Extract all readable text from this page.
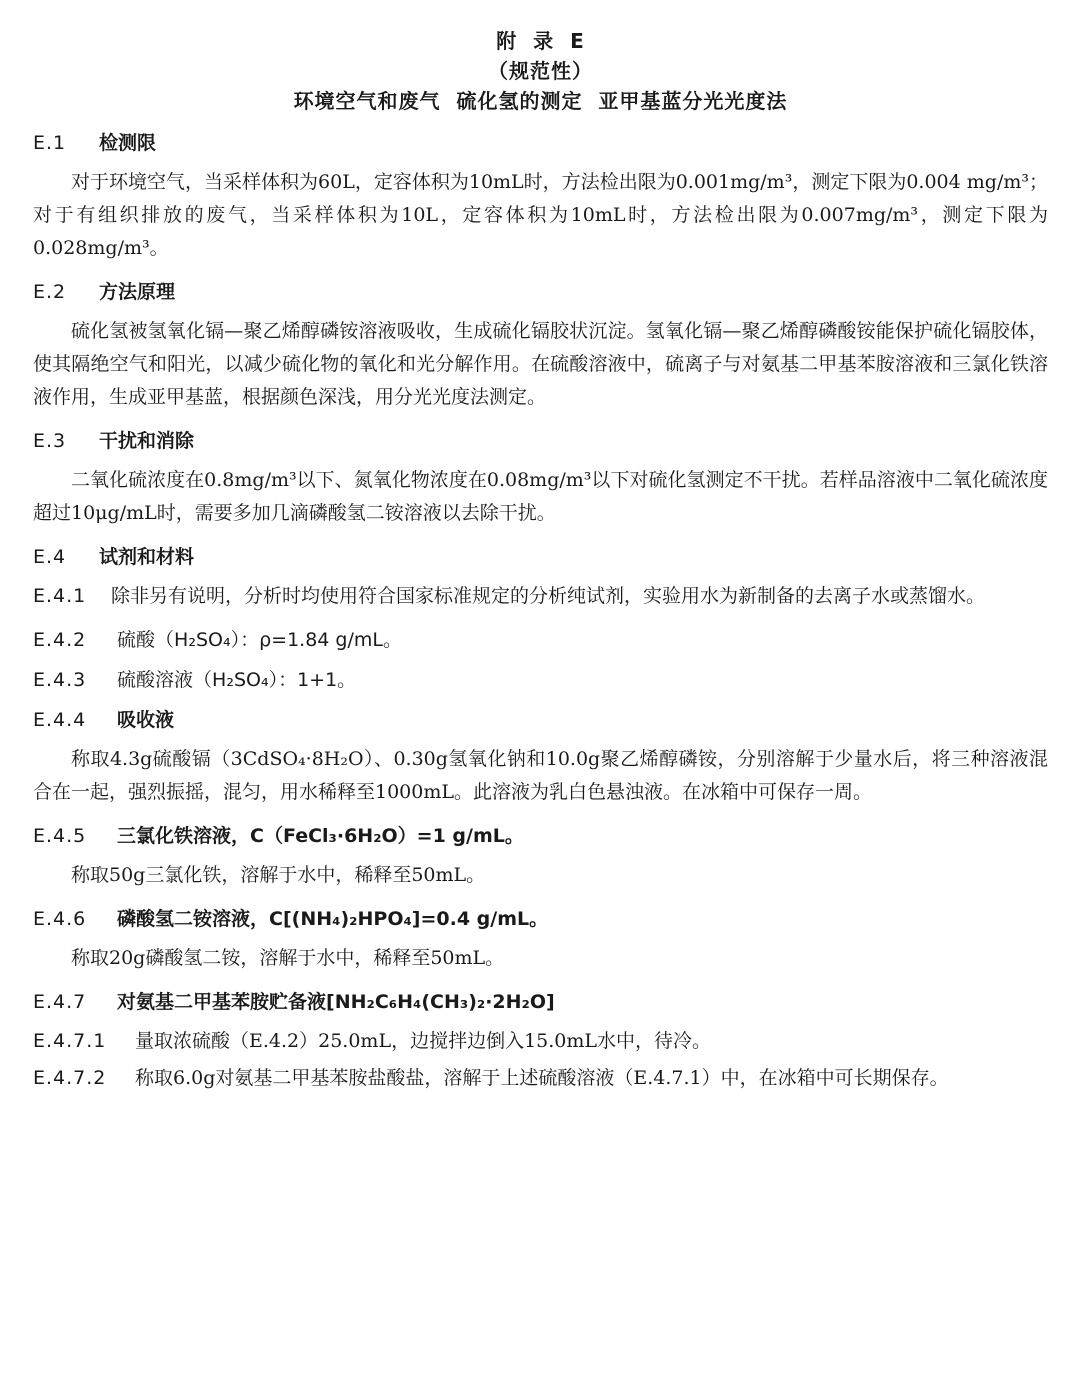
附  录  E
（规范性）
环境空气和废气  硫化氢的测定  亚甲基蓝分光光度法
E.1 检测限
对于环境空气，当采样体积为60L，定容体积为10mL时，方法检出限为0.001mg/m³，测定下限为0.004 mg/m³；对于有组织排放的废气，当采样体积为10L，定容体积为10mL时，方法检出限为0.007mg/m³，测定下限为0.028mg/m³。
E.2 方法原理
硫化氢被氢氧化镉—聚乙烯醇磷铵溶液吸收，生成硫化镉胶状沉淀。氢氧化镉—聚乙烯醇磷酸铵能保护硫化镉胶体，使其隔绝空气和阳光，以减少硫化物的氧化和光分解作用。在硫酸溶液中，硫离子与对氨基二甲基苯胺溶液和三氯化铁溶液作用，生成亚甲基蓝，根据颜色深浅，用分光光度法测定。
E.3 干扰和消除
二氧化硫浓度在0.8mg/m³以下、氮氧化物浓度在0.08mg/m³以下对硫化氢测定不干扰。若样品溶液中二氧化硫浓度超过10μg/mL时，需要多加几滴磷酸氢二铵溶液以去除干扰。
E.4 试剂和材料
E.4.1 除非另有说明，分析时均使用符合国家标准规定的分析纯试剂，实验用水为新制备的去离子水或蒸馏水。
E.4.2 硫酸（H₂SO₄）：ρ=1.84 g/mL。
E.4.3 硫酸溶液（H₂SO₄）：1+1。
E.4.4 吸收液
称取4.3g硫酸镉（3CdSO₄·8H₂O）、0.30g氢氧化钠和10.0g聚乙烯醇磷铵，分别溶解于少量水后，将三种溶液混合在一起，强烈振摇，混匀，用水稀释至1000mL。此溶液为乳白色悬浊液。在冰箱中可保存一周。
E.4.5 三氯化铁溶液，C（FeCl₃·6H₂O）=1 g/mL。
称取50g三氯化铁，溶解于水中，稀释至50mL。
E.4.6 磷酸氢二铵溶液，C[(NH₄)₂HPO₄]=0.4 g/mL。
称取20g磷酸氢二铵，溶解于水中，稀释至50mL。
E.4.7 对氨基二甲基苯胺贮备液[NH₂C₆H₄(CH₃)₂·2H₂O]
E.4.7.1 量取浓硫酸（E.4.2）25.0mL，边搅拌边倒入15.0mL水中，待冷。
E.4.7.2 称取6.0g对氨基二甲基苯胺盐酸盐，溶解于上述硫酸溶液（E.4.7.1）中，在冰箱中可长期保存。
